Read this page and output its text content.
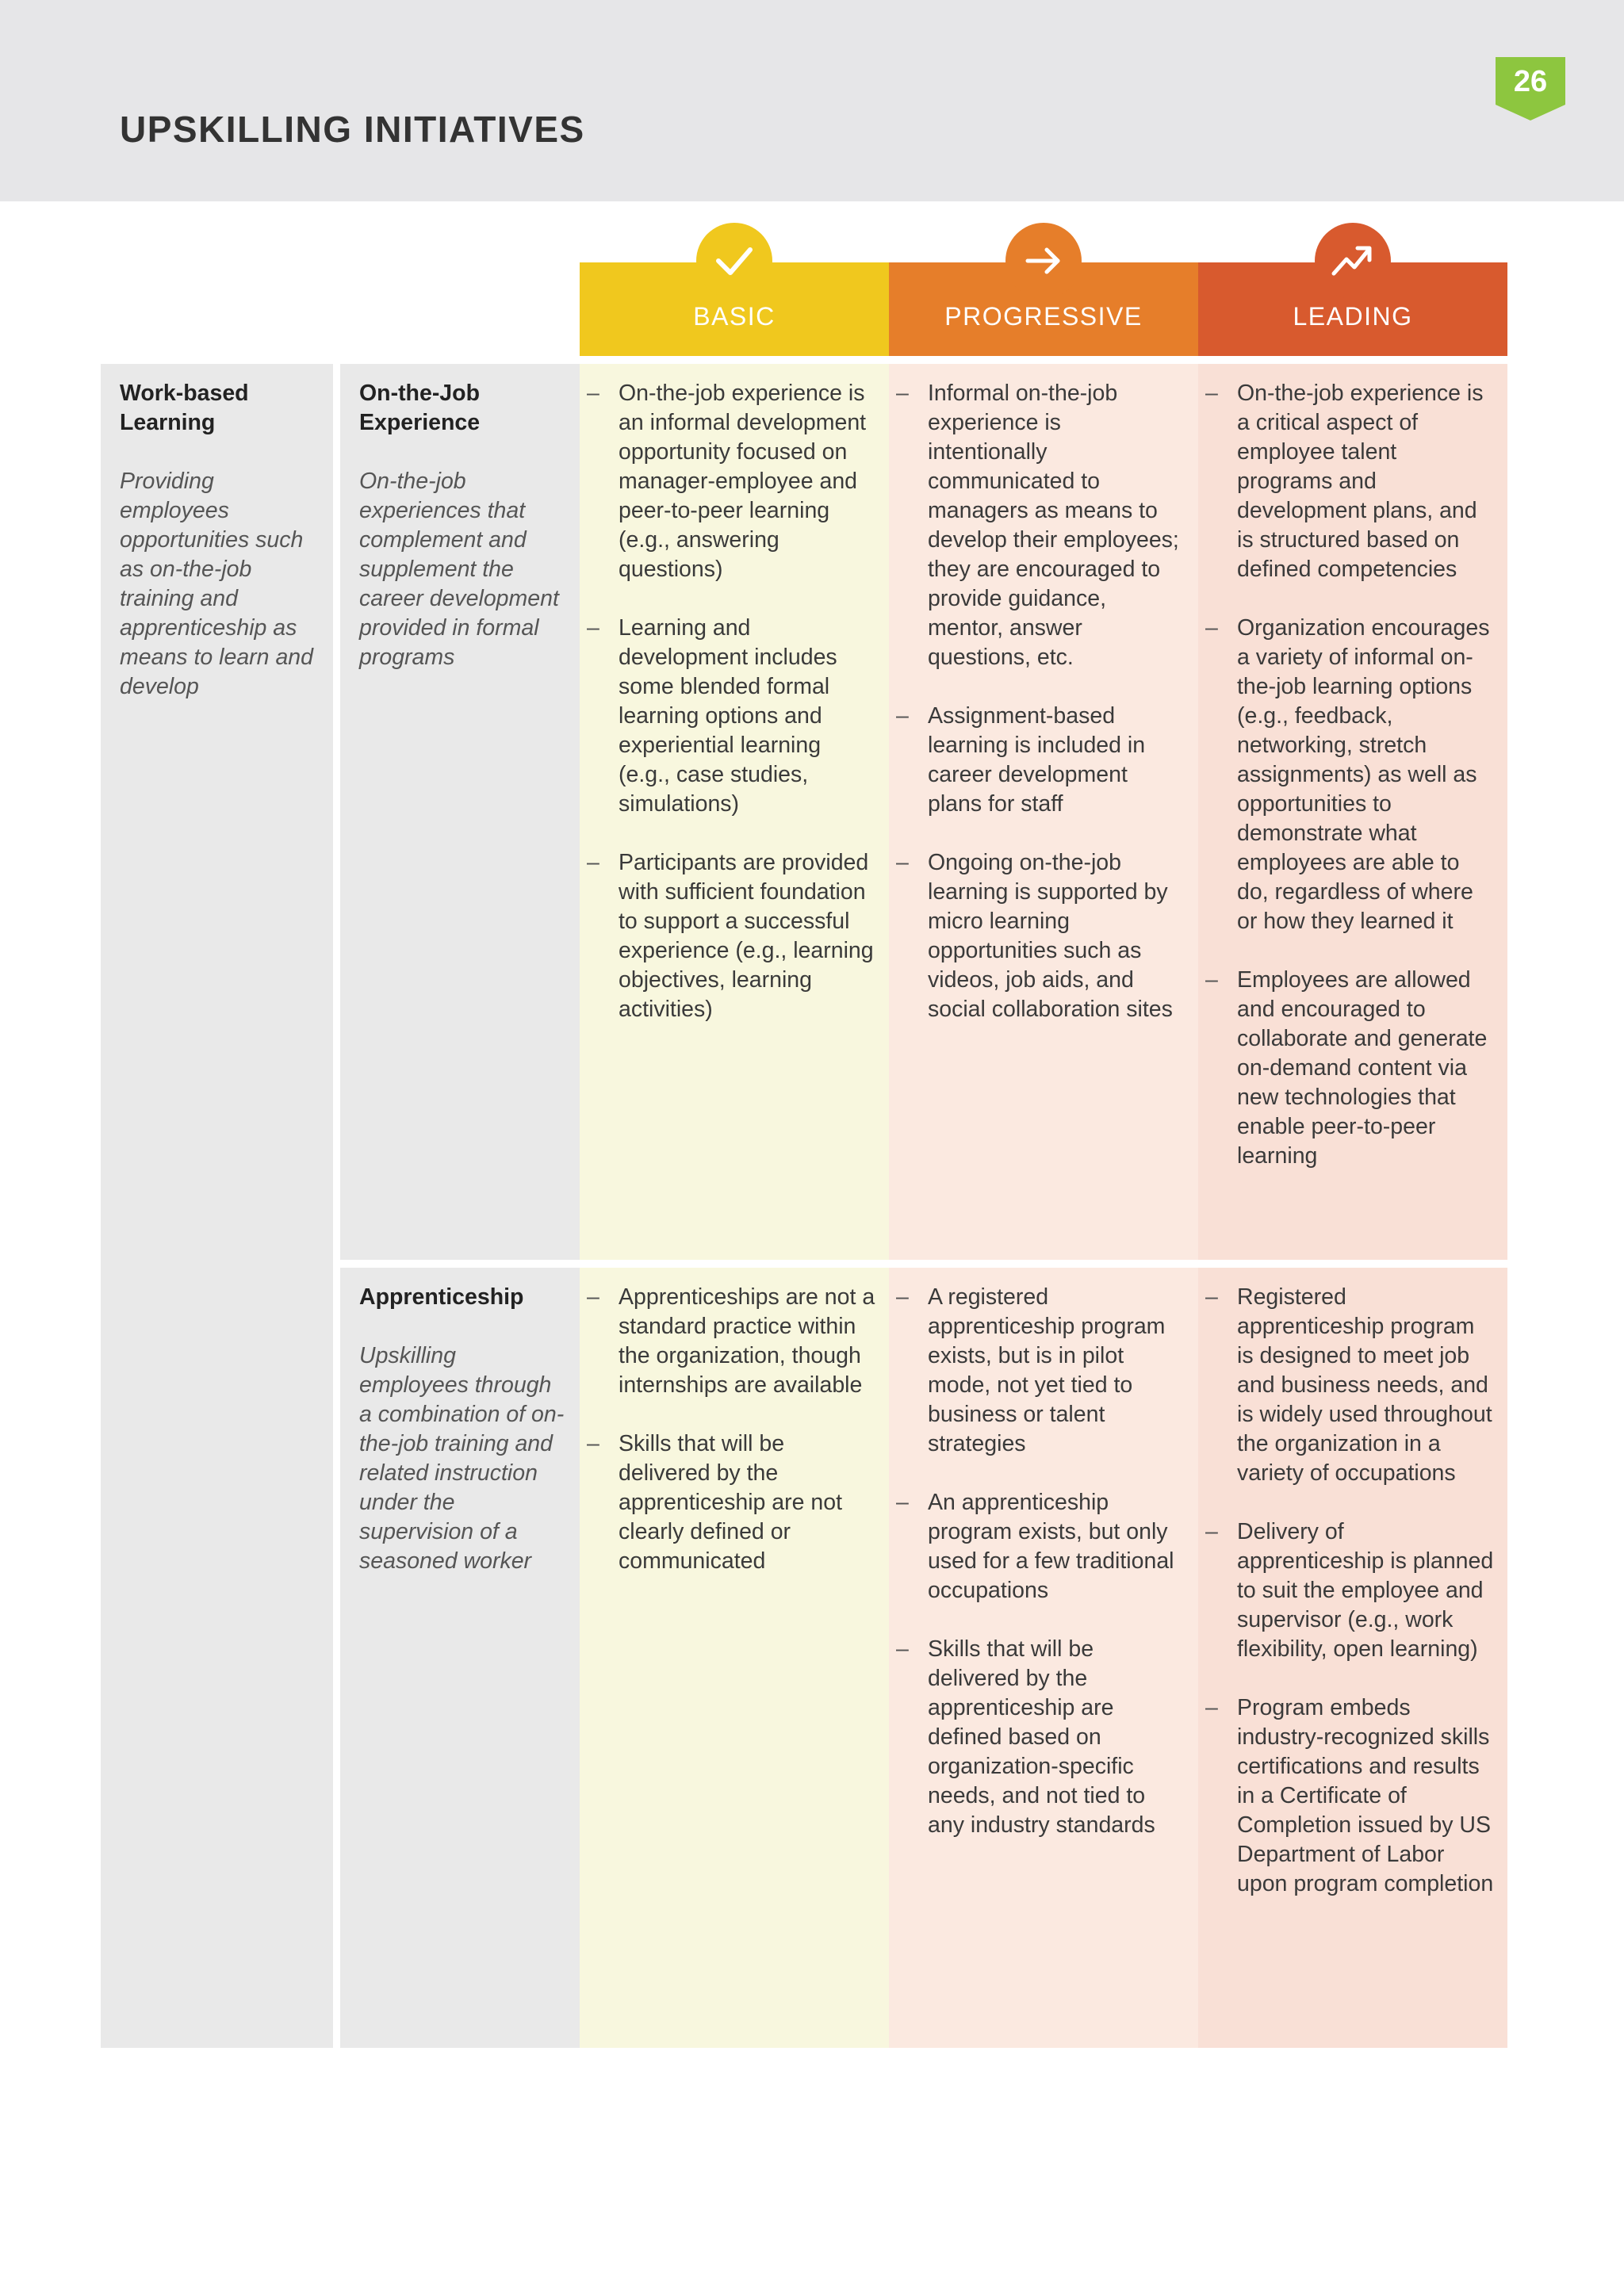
UPSKILLING INITIATIVES
26
BASIC	PROGRESSIVE	LEADING
Work-based Learning
Providing employees opportunities such as on-the-job training and apprenticeship as means to learn and develop
On-the-Job Experience
On-the-job experiences that complement and supplement the career development provided in formal programs
– On-the-job experience is an informal development opportunity focused on manager-employee and peer-to-peer learning (e.g., answering questions)
– Learning and development includes some blended formal learning options and experiential learning (e.g., case studies, simulations)
– Participants are provided with sufficient foundation to support a successful experience (e.g., learning objectives, learning activities)
– Informal on-the-job experience is intentionally communicated to managers as means to develop their employees; they are encouraged to provide guidance, mentor, answer questions, etc.
– Assignment-based learning is included in career development plans for staff
– Ongoing on-the-job learning is supported by micro learning opportunities such as videos, job aids, and social collaboration sites
– On-the-job experience is a critical aspect of employee talent programs and development plans, and is structured based on defined competencies
– Organization encourages a variety of informal on-the-job learning options (e.g., feedback, networking, stretch assignments) as well as opportunities to demonstrate what employees are able to do, regardless of where or how they learned it
– Employees are allowed and encouraged to collaborate and generate on-demand content via new technologies that enable peer-to-peer learning
Apprenticeship
Upskilling employees through a combination of on-the-job training and related instruction under the supervision of a seasoned worker
– Apprenticeships are not a standard practice within the organization, though internships are available
– Skills that will be delivered by the apprenticeship are not clearly defined or communicated
– A registered apprenticeship program exists, but is in pilot mode, not yet tied to business or talent strategies
– An apprenticeship program exists, but only used for a few traditional occupations
– Skills that will be delivered by the apprenticeship are defined based on organization-specific needs, and not tied to any industry standards
– Registered apprenticeship program is designed to meet job and business needs, and is widely used throughout the organization in a variety of occupations
– Delivery of apprenticeship is planned to suit the employee and supervisor (e.g., work flexibility, open learning)
– Program embeds industry-recognized skills certifications and results in a Certificate of Completion issued by US Department of Labor upon program completion
